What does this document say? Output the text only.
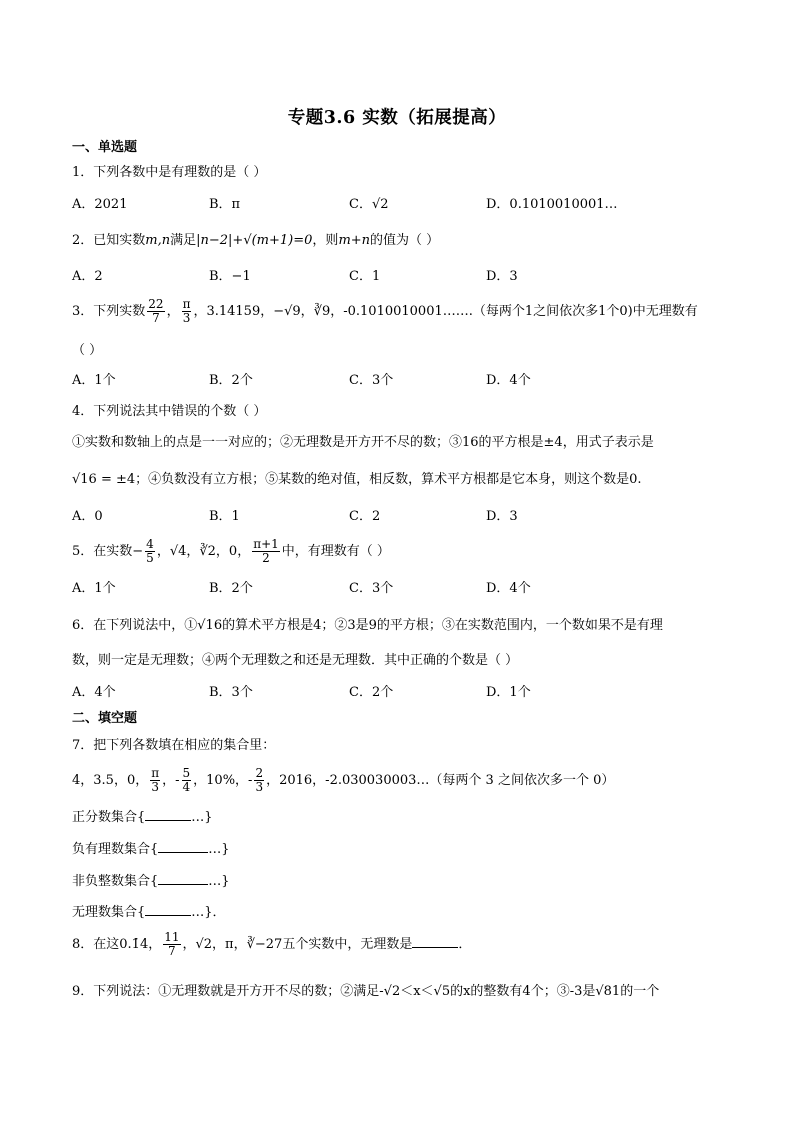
专题3.6 实数（拓展提高）
一、单选题
1．下列各数中是有理数的是（ ）
A．2021	B．π	C．√2	D．0.1010010001…
2．已知实数m,n满足|n−2|+√(m+1)=0，则m+n的值为（ ）
A．2	B．−1	C．1	D．3
3．下列实数 $\frac{22}{7}$ ， $\frac{\pi}{3}$ ，3.14159，−√9，∛9，-0.1010010001…….（每两个1之间依次多1个0)中无理数有
（ ）
A．1个	B．2个	C．3个	D．4个
4．下列说法其中错误的个数（ ）
①实数和数轴上的点是一一对应的；②无理数是开方开不尽的数；③16的平方根是±4，用式子表示是
√16 = ±4；④负数没有立方根；⑤某数的绝对值，相反数，算术平方根都是它本身，则这个数是0.
A．0	B．1	C．2	D．3
5．在实数− $\frac{4}{5}$ ，√4，∛2，0， $\frac{\pi+1}{2}$ 中，有理数有（ ）
A．1个	B．2个	C．3个	D．4个
6．在下列说法中，①√16的算术平方根是4；②3是9的平方根；③在实数范围内，一个数如果不是有理
数，则一定是无理数；④两个无理数之和还是无理数．其中正确的个数是（ ）
A．4个	B．3个	C．2个	D．1个
二、填空题
7．把下列各数填在相应的集合里：
4，3.5，0， $\frac{\pi}{3}$ ，- $\frac{5}{4}$ ，10%，- $\frac{2}{3}$ ，2016，-2.030030003…（每两个 3 之间依次多一个 0）
正分数集合{	…}
负有理数集合{	…}
非负整数集合{	…}
无理数集合{	…}．
8．在这0.1̇4̇， $\frac{11}{7}$ ，√2，π，∛−27五个实数中，无理数是	．
9．下列说法：①无理数就是开方开不尽的数；②满足-√2＜x＜√5的x的整数有4个；③-3是√81的一个
